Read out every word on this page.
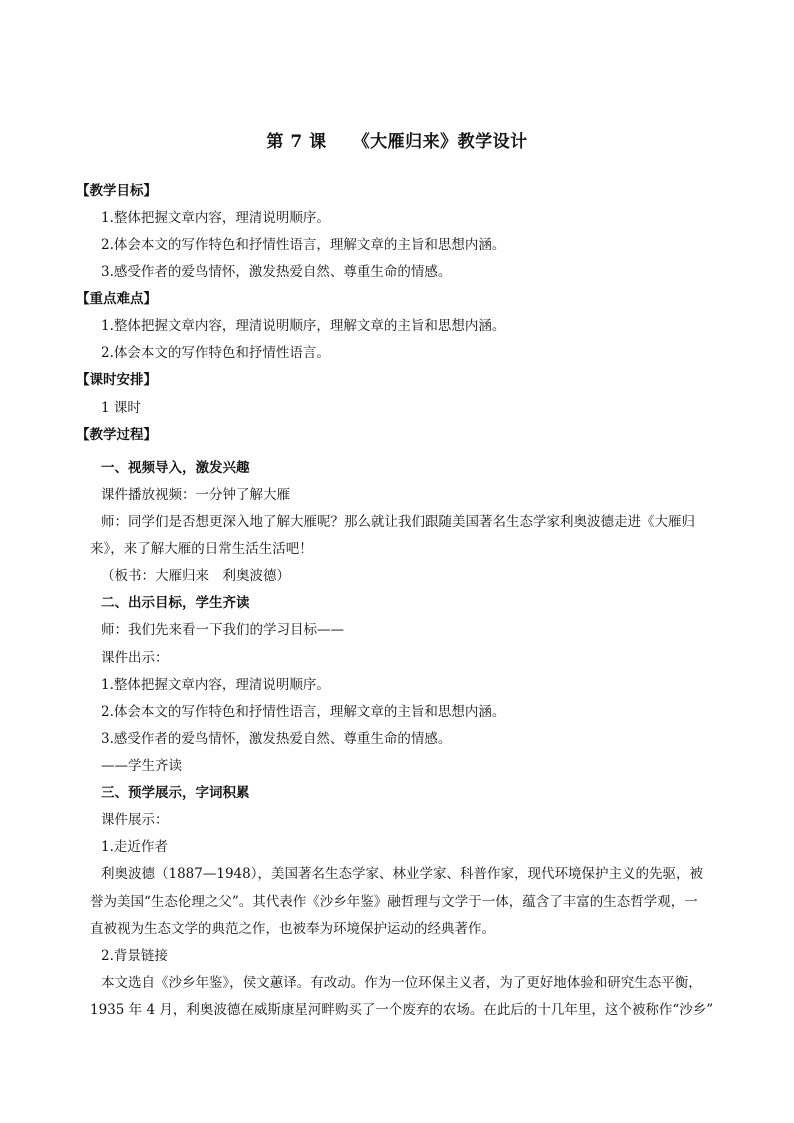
第 7 课 《大雁归来》教学设计
【教学目标】
1.整体把握文章内容，理清说明顺序。
2.体会本文的写作特色和抒情性语言，理解文章的主旨和思想内涵。
3.感受作者的爱鸟情怀，激发热爱自然、尊重生命的情感。
【重点难点】
1.整体把握文章内容，理清说明顺序，理解文章的主旨和思想内涵。
2.体会本文的写作特色和抒情性语言。
【课时安排】
1 课时
【教学过程】
一、视频导入，激发兴趣
课件播放视频：一分钟了解大雁
师：同学们是否想更深入地了解大雁呢？那么就让我们跟随美国著名生态学家利奥波德走进《大雁归
来》，来了解大雁的日常生活生活吧！
（板书：大雁归来　利奥波德）
二、出示目标，学生齐读
师：我们先来看一下我们的学习目标——
课件出示：
1.整体把握文章内容，理清说明顺序。
2.体会本文的写作特色和抒情性语言，理解文章的主旨和思想内涵。
3.感受作者的爱鸟情怀，激发热爱自然、尊重生命的情感。
——学生齐读
三、预学展示，字词积累
课件展示：
1.走近作者
利奥波德（1887—1948），美国著名生态学家、林业学家、科普作家，现代环境保护主义的先驱，被
誉为美国“生态伦理之父”。其代表作《沙乡年鉴》融哲理与文学于一体，蕴含了丰富的生态哲学观，一
直被视为生态文学的典范之作，也被奉为环境保护运动的经典著作。
2.背景链接
本文选自《沙乡年鉴》，侯文蕙译。有改动。作为一位环保主义者，为了更好地体验和研究生态平衡，
1935 年 4 月，利奥波德在威斯康星河畔购买了一个废弃的农场。在此后的十几年里，这个被称作“沙乡”
